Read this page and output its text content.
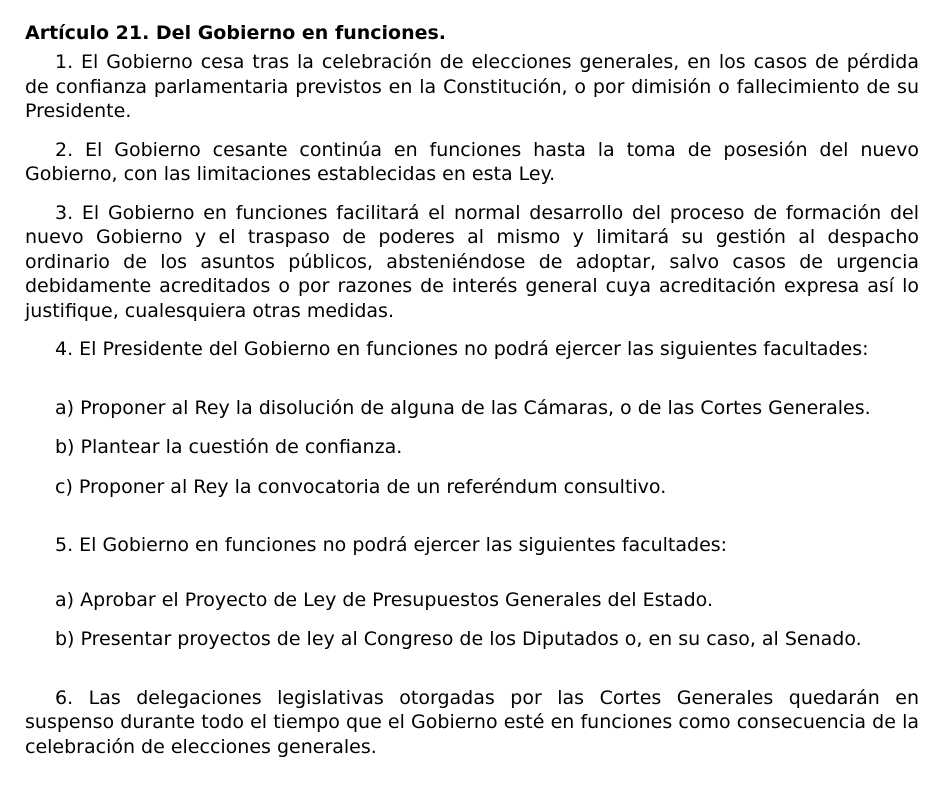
Artículo 21. Del Gobierno en funciones.

1. El Gobierno cesa tras la celebración de elecciones generales, en los casos de pérdida de confianza parlamentaria previstos en la Constitución, o por dimisión o fallecimiento de su Presidente.

2. El Gobierno cesante continúa en funciones hasta la toma de posesión del nuevo Gobierno, con las limitaciones establecidas en esta Ley.

3. El Gobierno en funciones facilitará el normal desarrollo del proceso de formación del nuevo Gobierno y el traspaso de poderes al mismo y limitará su gestión al despacho ordinario de los asuntos públicos, absteniéndose de adoptar, salvo casos de urgencia debidamente acreditados o por razones de interés general cuya acreditación expresa así lo justifique, cualesquiera otras medidas.

4. El Presidente del Gobierno en funciones no podrá ejercer las siguientes facultades:

a) Proponer al Rey la disolución de alguna de las Cámaras, o de las Cortes Generales.

b) Plantear la cuestión de confianza.

c) Proponer al Rey la convocatoria de un referéndum consultivo.

5. El Gobierno en funciones no podrá ejercer las siguientes facultades:

a) Aprobar el Proyecto de Ley de Presupuestos Generales del Estado.

b) Presentar proyectos de ley al Congreso de los Diputados o, en su caso, al Senado.

6. Las delegaciones legislativas otorgadas por las Cortes Generales quedarán en suspenso durante todo el tiempo que el Gobierno esté en funciones como consecuencia de la celebración de elecciones generales.
